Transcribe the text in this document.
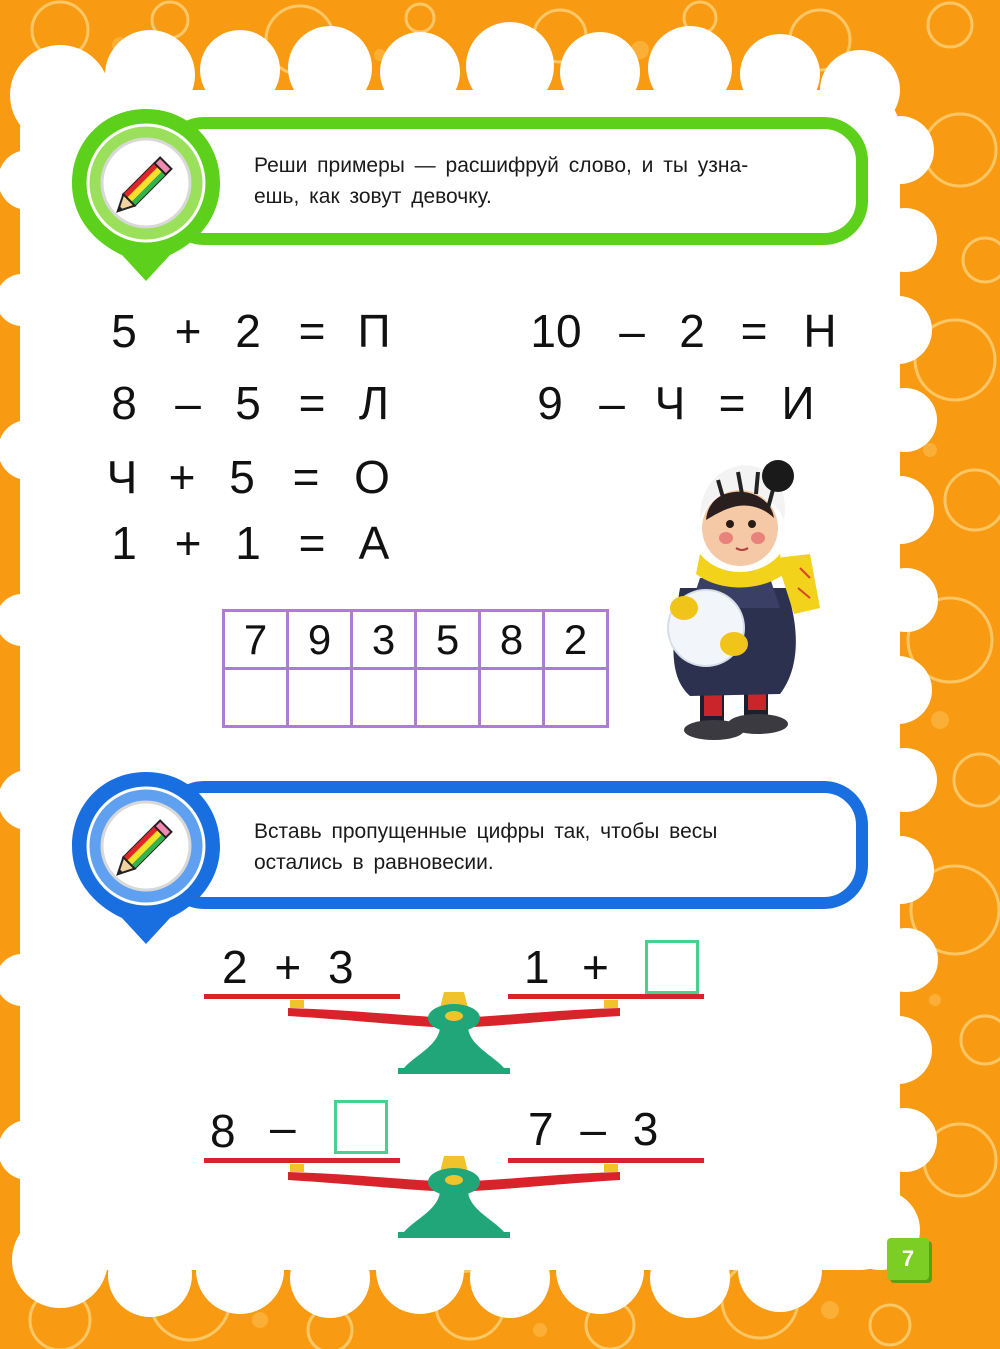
Реши примеры — расшифруй слово, и ты узна-
ешь, как зовут девочку.
5 + 2 = П
8 – 5 = Л
Ч + 5 = О
1 + 1 = А
10 – 2 = Н
9 – Ч = И
7	9	3	5	8	2

Вставь пропущенные цифры так, чтобы весы
остались в равновесии.
2 + 3	1 +
8 –	7 – 3
7
